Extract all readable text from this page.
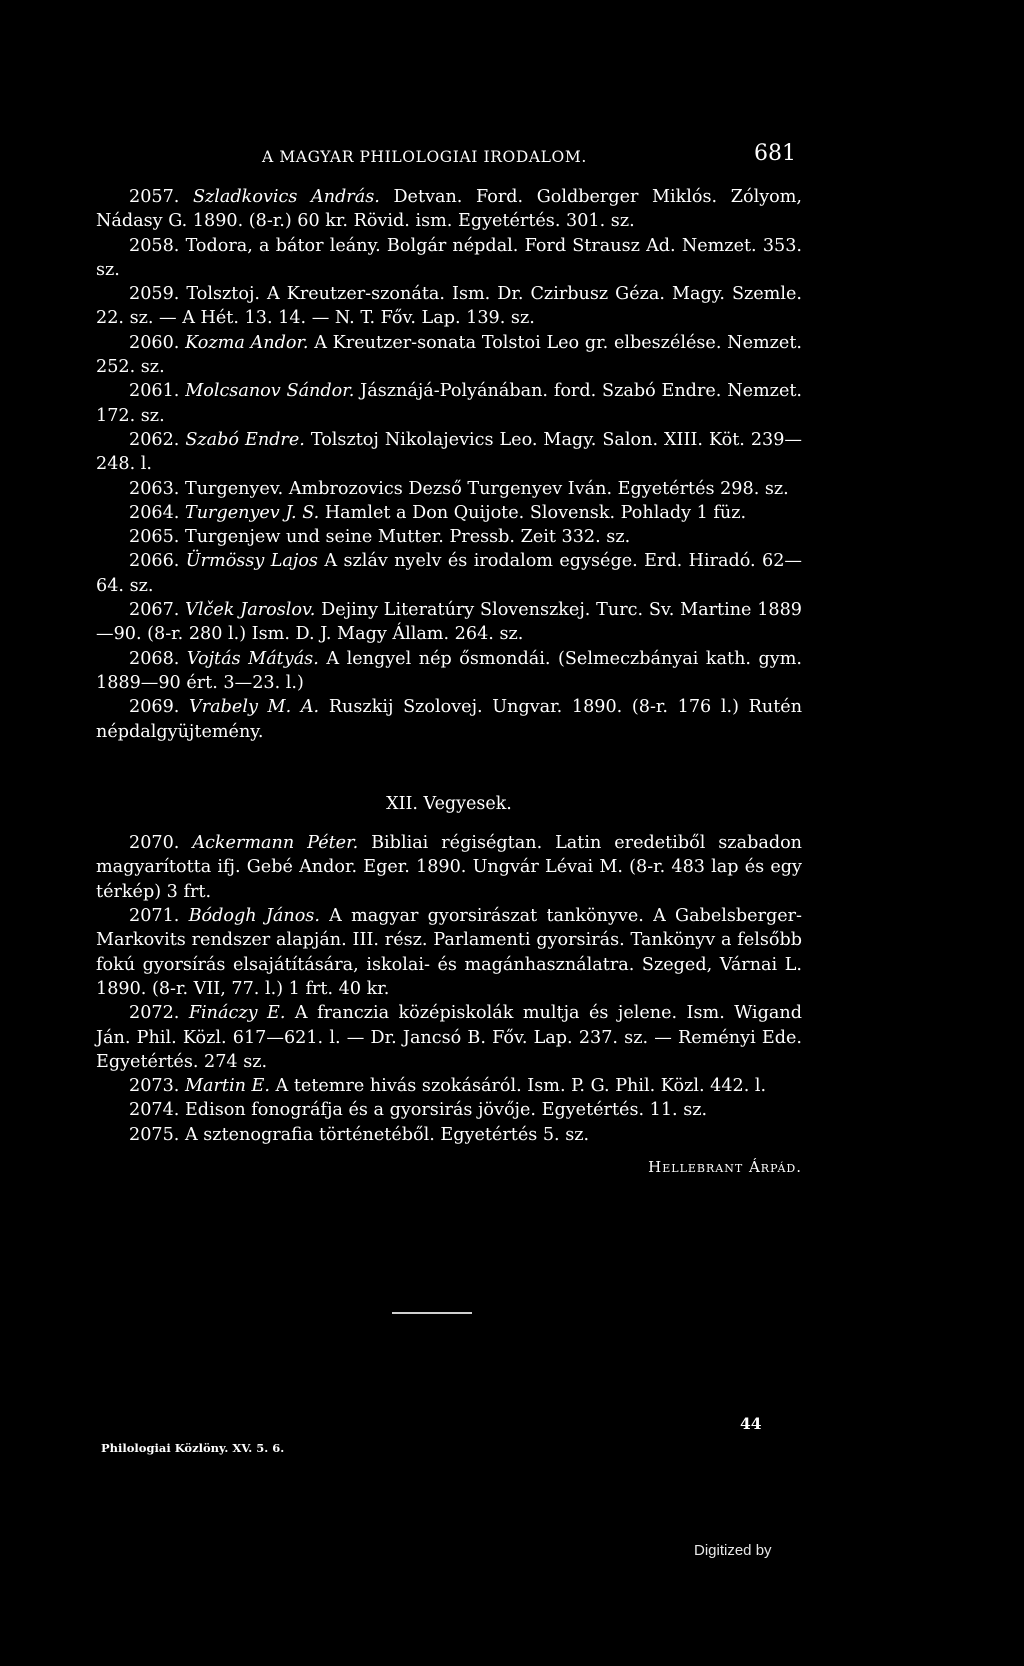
A MAGYAR PHILOLOGIAI IRODALOM.	681

2057. Szladkovics András. Detvan. Ford. Goldberger Miklós. Zólyom, Nádasy G. 1890. (8-r.) 60 kr. Rövid. ism. Egyetértés. 301. sz.

2058. Todora, a bátor leány. Bolgár népdal. Ford Strausz Ad. Nemzet. 353. sz.

2059. Tolsztoj. A Kreutzer-szonáta. Ism. Dr. Czirbusz Géza. Magy. Szemle. 22. sz. — A Hét. 13. 14. — N. T. Főv. Lap. 139. sz.

2060. Kozma Andor. A Kreutzer-sonata Tolstoi Leo gr. elbeszélése. Nemzet. 252. sz.

2061. Molcsanov Sándor. Jásznájá-Polyánában. ford. Szabó Endre. Nemzet. 172. sz.

2062. Szabó Endre. Tolsztoj Nikolajevics Leo. Magy. Salon. XIII. Köt. 239—248. l.

2063. Turgenyev. Ambrozovics Dezső Turgenyev Iván. Egyetértés 298. sz.

2064. Turgenyev J. S. Hamlet a Don Quijote. Slovensk. Pohlady 1 füz.

2065. Turgenjew und seine Mutter. Pressb. Zeit 332. sz.

2066. Ürmössy Lajos A szláv nyelv és irodalom egysége. Erd. Hiradó. 62—64. sz.

2067. Vlček Jaroslov. Dejiny Literatúry Slovenszkej. Turc. Sv. Martine 1889—90. (8-r. 280 l.) Ism. D. J. Magy Állam. 264. sz.

2068. Vojtás Mátyás. A lengyel nép ősmondái. (Selmeczbányai kath. gym. 1889—90 ért. 3—23. l.)

2069. Vrabely M. A. Ruszkij Szolovej. Ungvar. 1890. (8-r. 176 l.) Rutén népdalgyüjtemény.

XII. Vegyesek.

2070. Ackermann Péter. Bibliai régiségtan. Latin eredetiből szabadon magyarította ifj. Gebé Andor. Eger. 1890. Ungvár Lévai M. (8-r. 483 lap és egy térkép) 3 frt.

2071. Bódogh János. A magyar gyorsirászat tankönyve. A Gabelsberger-Markovits rendszer alapján. III. rész. Parlamenti gyorsirás. Tankönyv a felsőbb fokú gyorsírás elsajátítására, iskolai- és magánhasználatra. Szeged, Várnai L. 1890. (8-r. VII, 77. l.) 1 frt. 40 kr.

2072. Fináczy E. A franczia középiskolák multja és jelene. Ism. Wigand Ján. Phil. Közl. 617—621. l. — Dr. Jancsó B. Főv. Lap. 237. sz. — Reményi Ede. Egyetértés. 274 sz.

2073. Martin E. A tetemre hivás szokásáról. Ism. P. G. Phil. Közl. 442. l.

2074. Edison fonográfja és a gyorsirás jövője. Egyetértés. 11. sz.

2075. A sztenografia történetéből. Egyetértés 5. sz.

Hellebrant Árpád.
Philologiai Közlöny. XV. 5. 6.
44
Digitized by
